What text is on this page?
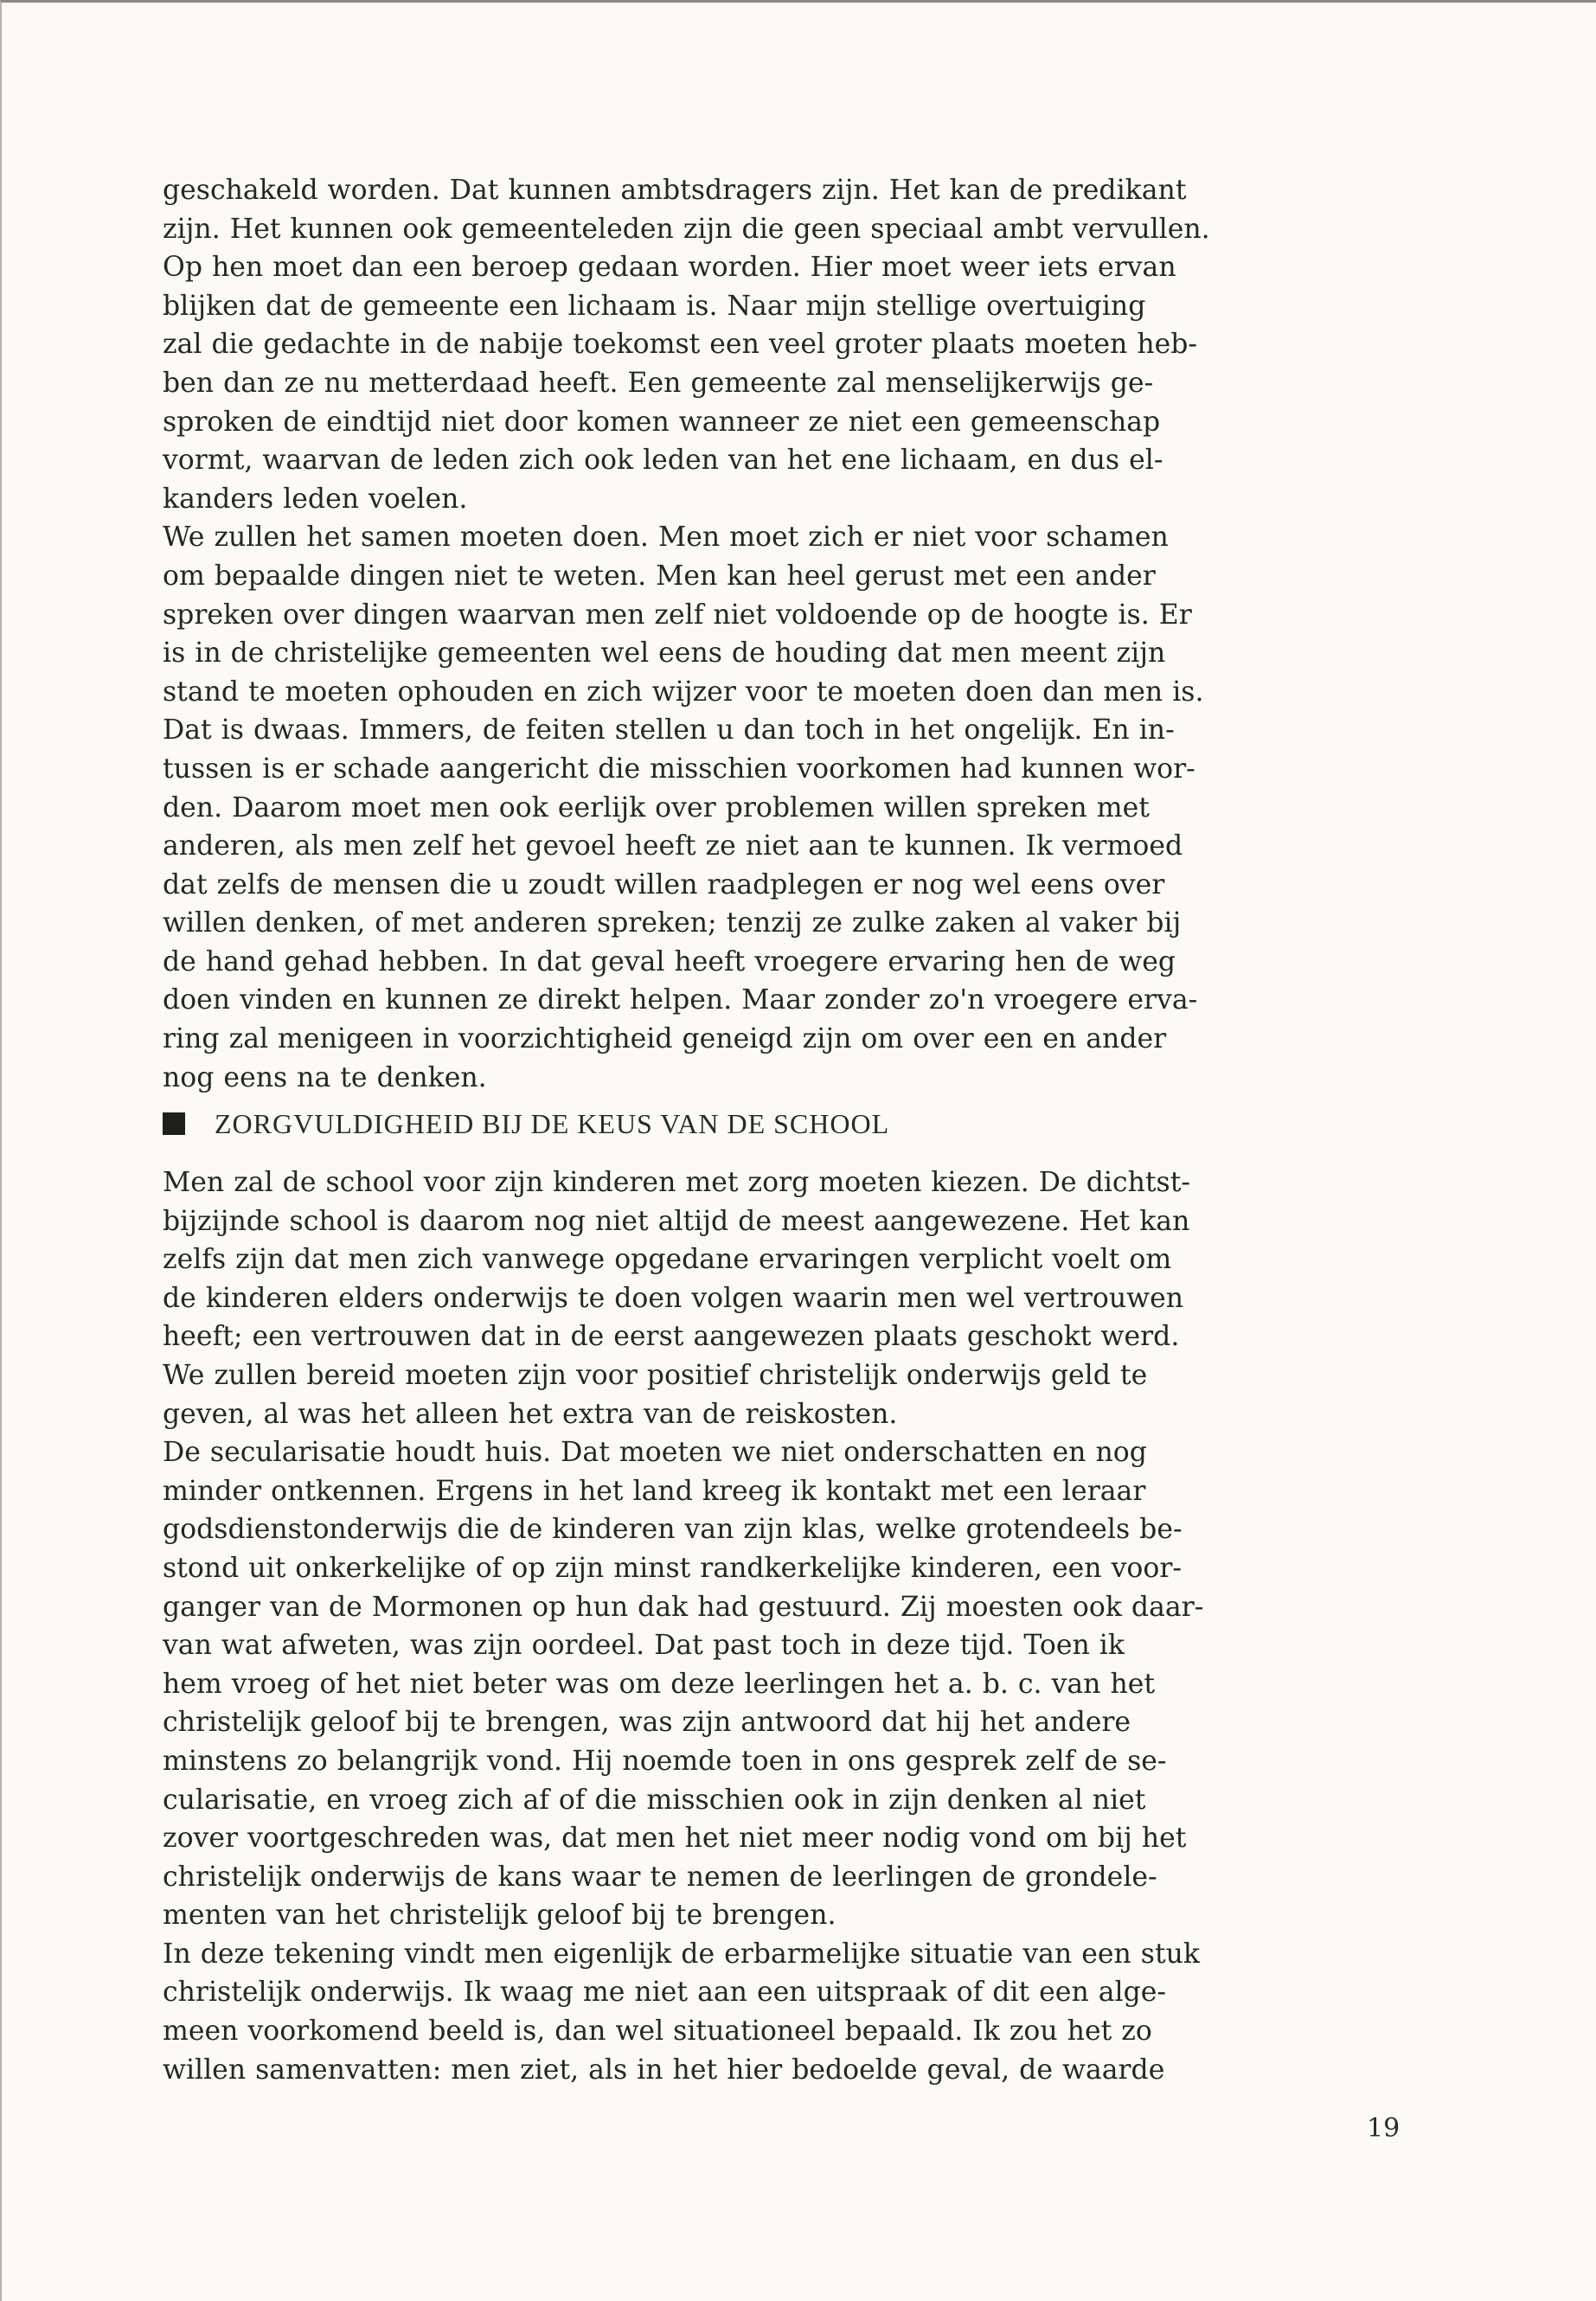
geschakeld worden. Dat kunnen ambtsdragers zijn. Het kan de predikant
zijn. Het kunnen ook gemeenteleden zijn die geen speciaal ambt vervullen.
Op hen moet dan een beroep gedaan worden. Hier moet weer iets ervan
blijken dat de gemeente een lichaam is. Naar mijn stellige overtuiging
zal die gedachte in de nabije toekomst een veel groter plaats moeten heb-
ben dan ze nu metterdaad heeft. Een gemeente zal menselijkerwijs ge-
sproken de eindtijd niet door komen wanneer ze niet een gemeenschap
vormt, waarvan de leden zich ook leden van het ene lichaam, en dus el-
kanders leden voelen.

We zullen het samen moeten doen. Men moet zich er niet voor schamen
om bepaalde dingen niet te weten. Men kan heel gerust met een ander
spreken over dingen waarvan men zelf niet voldoende op de hoogte is. Er
is in de christelijke gemeenten wel eens de houding dat men meent zijn
stand te moeten ophouden en zich wijzer voor te moeten doen dan men is.
Dat is dwaas. Immers, de feiten stellen u dan toch in het ongelijk. En in-
tussen is er schade aangericht die misschien voorkomen had kunnen wor-
den. Daarom moet men ook eerlijk over problemen willen spreken met
anderen, als men zelf het gevoel heeft ze niet aan te kunnen. Ik vermoed
dat zelfs de mensen die u zoudt willen raadplegen er nog wel eens over
willen denken, of met anderen spreken; tenzij ze zulke zaken al vaker bij
de hand gehad hebben. In dat geval heeft vroegere ervaring hen de weg
doen vinden en kunnen ze direkt helpen. Maar zonder zo'n vroegere erva-
ring zal menigeen in voorzichtigheid geneigd zijn om over een en ander
nog eens na te denken.

ZORGVULDIGHEID BIJ DE KEUS VAN DE SCHOOL

Men zal de school voor zijn kinderen met zorg moeten kiezen. De dichtst-
bijzijnde school is daarom nog niet altijd de meest aangewezene. Het kan
zelfs zijn dat men zich vanwege opgedane ervaringen verplicht voelt om
de kinderen elders onderwijs te doen volgen waarin men wel vertrouwen
heeft; een vertrouwen dat in de eerst aangewezen plaats geschokt werd.
We zullen bereid moeten zijn voor positief christelijk onderwijs geld te
geven, al was het alleen het extra van de reiskosten.

De secularisatie houdt huis. Dat moeten we niet onderschatten en nog
minder ontkennen. Ergens in het land kreeg ik kontakt met een leraar
godsdienstonderwijs die de kinderen van zijn klas, welke grotendeels be-
stond uit onkerkelijke of op zijn minst randkerkelijke kinderen, een voor-
ganger van de Mormonen op hun dak had gestuurd. Zij moesten ook daar-
van wat afweten, was zijn oordeel. Dat past toch in deze tijd. Toen ik
hem vroeg of het niet beter was om deze leerlingen het a. b. c. van het
christelijk geloof bij te brengen, was zijn antwoord dat hij het andere
minstens zo belangrijk vond. Hij noemde toen in ons gesprek zelf de se-
cularisatie, en vroeg zich af of die misschien ook in zijn denken al niet
zover voortgeschreden was, dat men het niet meer nodig vond om bij het
christelijk onderwijs de kans waar te nemen de leerlingen de grondele-
menten van het christelijk geloof bij te brengen.

In deze tekening vindt men eigenlijk de erbarmelijke situatie van een stuk
christelijk onderwijs. Ik waag me niet aan een uitspraak of dit een alge-
meen voorkomend beeld is, dan wel situationeel bepaald. Ik zou het zo
willen samenvatten: men ziet, als in het hier bedoelde geval, de waarde

19
